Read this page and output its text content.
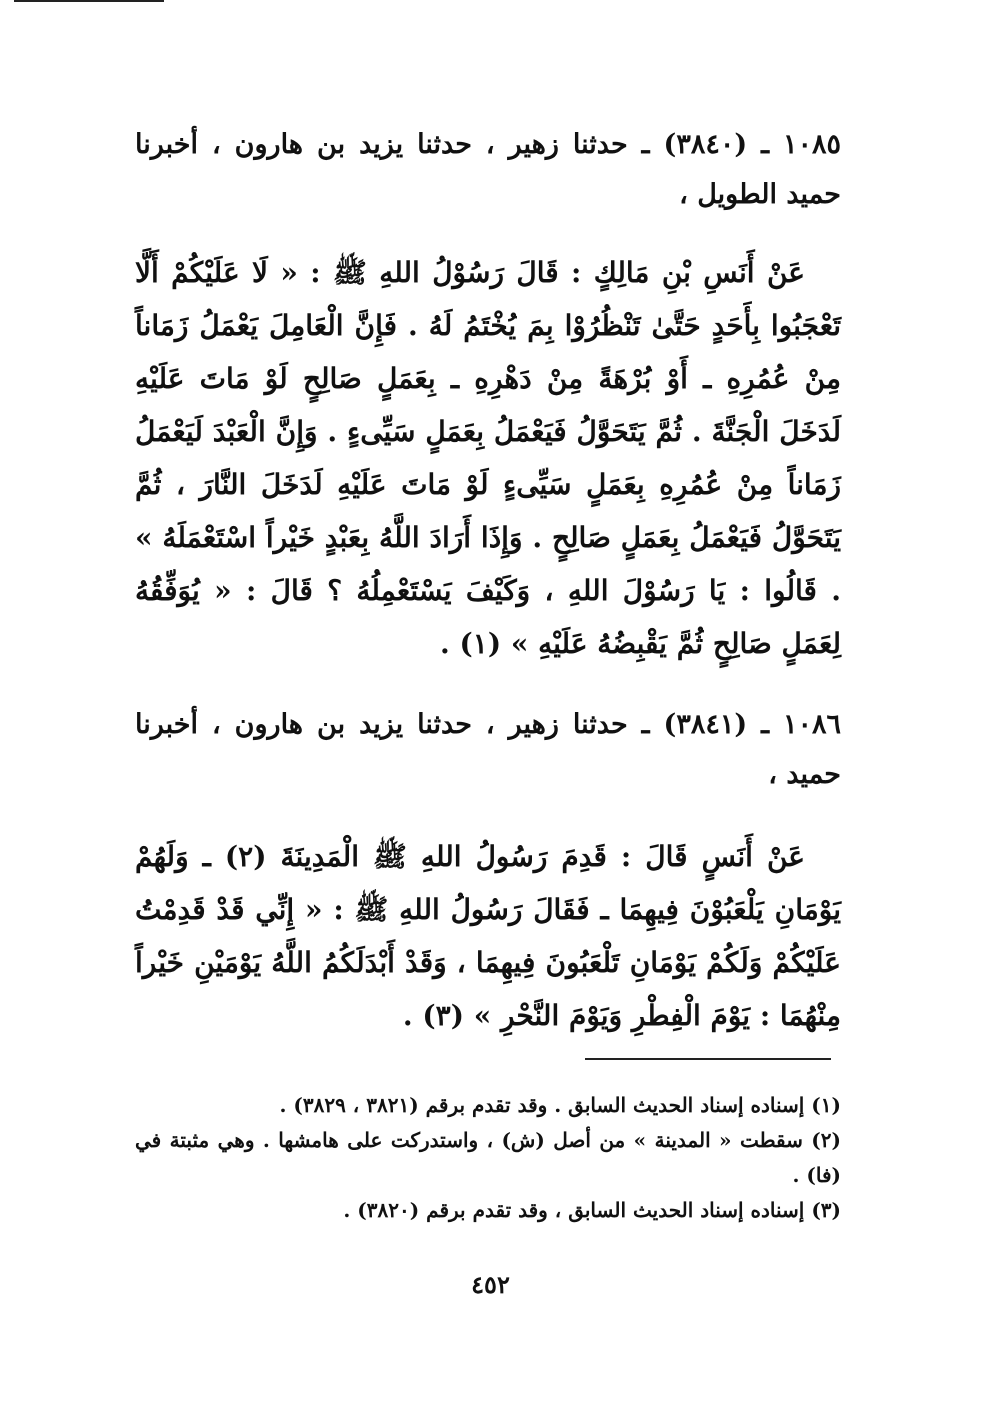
١٠٨٥ ـ (٣٨٤٠) ـ حدثنا زهير ، حدثنا يزيد بن هارون ، أخبرنا حميد الطويل ،
عَنْ أَنَسِ بْنِ مَالِكٍ : قَالَ رَسُوْلُ اللهِ ﷺ : « لَا عَلَيْكُمْ أَلَّا تَعْجَبُوا بِأَحَدٍ حَتَّىٰ تَنْظُرُوْا بِمَ يُخْتَمُ لَهُ . فَإِنَّ الْعَامِلَ يَعْمَلُ زَمَاناً مِنْ عُمُرِهِ ـ أَوْ بُرْهَةً مِنْ دَهْرِهِ ـ بِعَمَلٍ صَالِحٍ لَوْ مَاتَ عَلَيْهِ لَدَخَلَ الْجَنَّةَ . ثُمَّ يَتَحَوَّلُ فَيَعْمَلُ بِعَمَلٍ سَيِّىءٍ . وَإِنَّ الْعَبْدَ لَيَعْمَلُ زَمَاناً مِنْ عُمُرِهِ بِعَمَلٍ سَيِّىءٍ لَوْ مَاتَ عَلَيْهِ لَدَخَلَ النَّارَ ، ثُمَّ يَتَحَوَّلُ فَيَعْمَلُ بِعَمَلٍ صَالِحٍ . وَإِذَا أَرَادَ اللَّهُ بِعَبْدٍ خَيْراً اسْتَعْمَلَهُ » . قَالُوا : يَا رَسُوْلَ اللهِ ، وَكَيْفَ يَسْتَعْمِلُهُ ؟ قَالَ : « يُوَفِّقُهُ لِعَمَلٍ صَالِحٍ ثُمَّ يَقْبِضُهُ عَلَيْهِ » (١) .
١٠٨٦ ـ (٣٨٤١) ـ حدثنا زهير ، حدثنا يزيد بن هارون ، أخبرنا حميد ،
عَنْ أَنَسٍ قَالَ : قَدِمَ رَسُولُ اللهِ ﷺ الْمَدِينَةَ (٢) ـ وَلَهُمْ يَوْمَانِ يَلْعَبُوْنَ فِيهِمَا ـ فَقَالَ رَسُولُ اللهِ ﷺ : « إِنِّي قَدْ قَدِمْتُ عَلَيْكُمْ وَلَكُمْ يَوْمَانِ تَلْعَبُونَ فِيهِمَا ، وَقَدْ أَبْدَلَكُمُ اللَّهُ يَوْمَيْنِ خَيْراً مِنْهُمَا : يَوْمَ الْفِطْرِ وَيَوْمَ النَّحْرِ » (٣) .

(١) إسناده إسناد الحديث السابق . وقد تقدم برقم (٣٨٢١ ، ٣٨٢٩) .

(٢) سقطت « المدينة » من أصل (ش) ، واستدركت على هامشها . وهي مثبتة في (فا) .

(٣) إسناده إسناد الحديث السابق ، وقد تقدم برقم (٣٨٢٠) .

٤٥٢
